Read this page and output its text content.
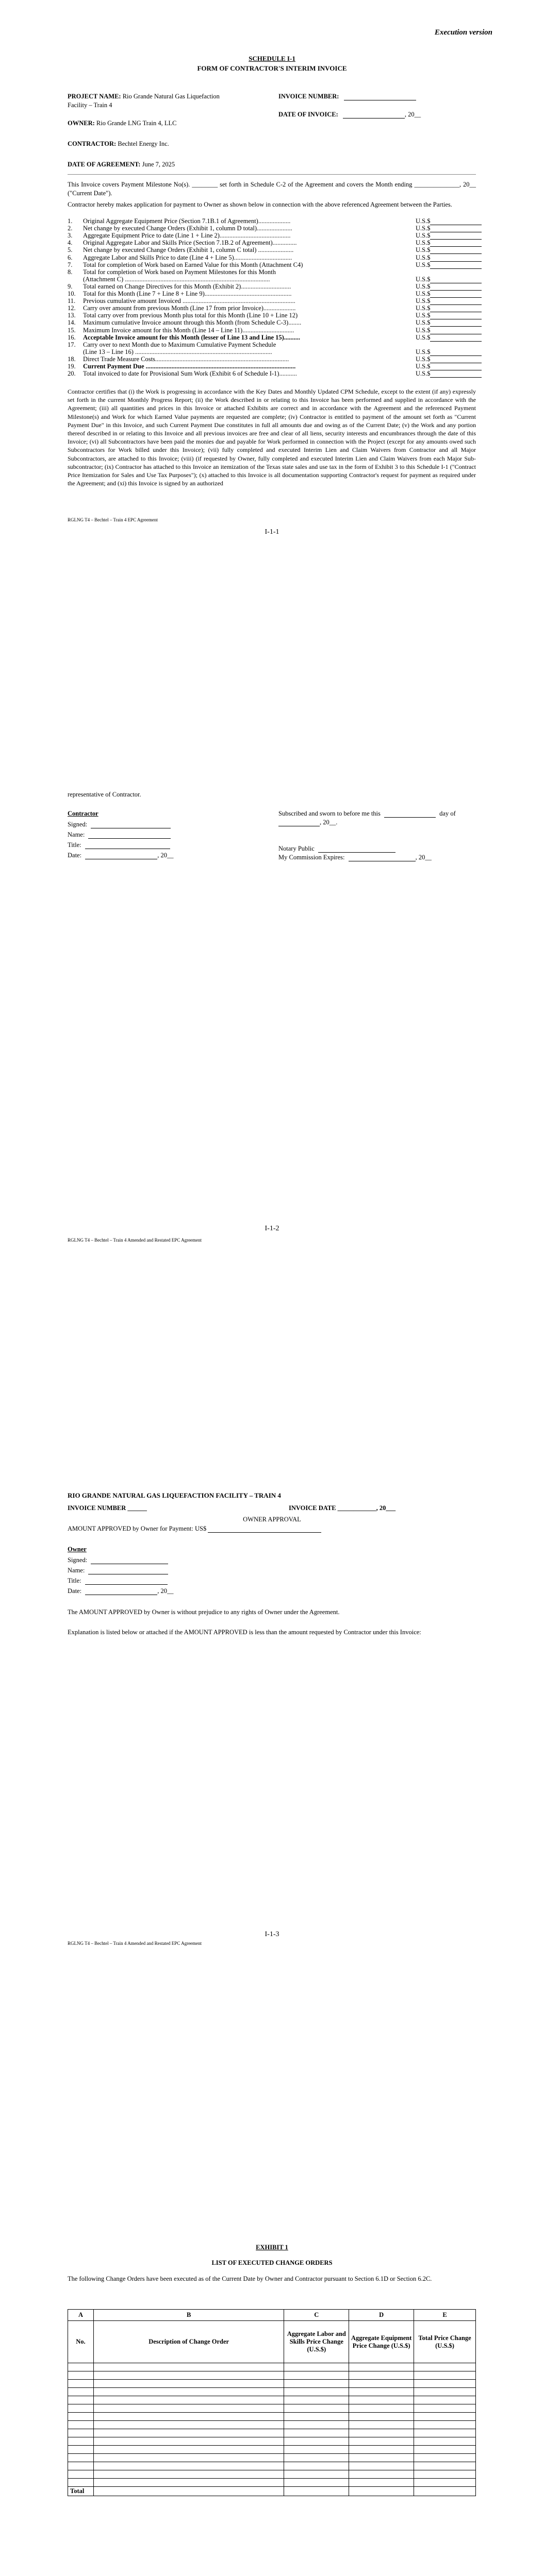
Execution version
SCHEDULE I-1
FORM OF CONTRACTOR'S INTERIM INVOICE
PROJECT NAME: Rio Grande Natural Gas Liquefaction
Facility – Train 4
INVOICE NUMBER:
DATE OF INVOICE:	, 20__
OWNER: Rio Grande LNG Train 4, LLC
CONTRACTOR: Bechtel Energy Inc.
DATE OF AGREEMENT: June 7, 2025
This Invoice covers Payment Milestone No(s). ________ set forth in Schedule C-2 of the Agreement and covers the Month ending ______________, 20__ ("Current Date").
Contractor hereby makes application for payment to Owner as shown below in connection with the above referenced Agreement between the Parties.
1. Original Aggregate Equipment Price (Section 7.1B.1 of Agreement)....................	U.S.$
2. Net change by executed Change Orders (Exhibit 1, column D total)......................	U.S.$
3. Aggregate Equipment Price to date (Line 1 + Line 2)............................................	U.S.$
4. Original Aggregate Labor and Skills Price (Section 7.1B.2 of Agreement)...............	U.S.$
5. Net change by executed Change Orders (Exhibit 1, column C total) ......................	U.S.$
6. Aggregate Labor and Skills Price to date (Line 4 + Line 5)....................................	U.S.$
7. Total for completion of Work based on Earned Value for this Month (Attachment C4)	U.S.$
8. Total for completion of Work based on Payment Milestones for this Month
(Attachment C) ..........................................................................................	U.S.$
9. Total earned on Change Directives for this Month (Exhibit 2)...............................	U.S.$
10. Total for this Month (Line 7 + Line 8 + Line 9)......................................................	U.S.$
11. Previous cumulative amount Invoiced ......................................................................	U.S.$
12. Carry over amount from previous Month (Line 17 from prior Invoice)....................	U.S.$
13. Total carry over from previous Month plus total for this Month (Line 10 + Line 12)	U.S.$
14. Maximum cumulative Invoice amount through this Month (from Schedule C-3)........	U.S.$
15. Maximum Invoice amount for this Month (Line 14 – Line 11)................................	U.S.$
16. Acceptable Invoice amount for this Month (lesser of Line 13 and Line 15)..........	U.S.$
17. Carry over to next Month due to Maximum Cumulative Payment Schedule
(Line 13 – Line 16) .....................................................................................	U.S.$
18. Direct Trade Measure Costs...................................................................................	U.S.$
19. Current Payment Due .............................................................................................	U.S.$
20. Total invoiced to date for Provisional Sum Work (Exhibit 6 of Schedule I-1)...........	U.S.$
Contractor certifies that (i) the Work is progressing in accordance with the Key Dates and Monthly Updated CPM Schedule, except to the extent (if any) expressly set forth in the current Monthly Progress Report; (ii) the Work described in or relating to this Invoice has been performed and supplied in accordance with the Agreement; (iii) all quantities and prices in this Invoice or attached Exhibits are correct and in accordance with the Agreement and the referenced Payment Milestone(s) and Work for which Earned Value payments are requested are complete; (iv) Contractor is entitled to payment of the amount set forth as "Current Payment Due" in this Invoice, and such Current Payment Due constitutes in full all amounts due and owing as of the Current Date; (v) the Work and any portion thereof described in or relating to this Invoice and all previous invoices are free and clear of all liens, security interests and encumbrances through the date of this Invoice; (vi) all Subcontractors have been paid the monies due and payable for Work performed in connection with the Project (except for any amounts owed such Subcontractors for Work billed under this Invoice); (vii) fully completed and executed Interim Lien and Claim Waivers from Contractor and all Major Subcontractors, are attached to this Invoice; (viii) (if requested by Owner, fully completed and executed Interim Lien and Claim Waivers from each Major Sub-subcontractor; (ix) Contractor has attached to this Invoice an itemization of the Texas state sales and use tax in the form of Exhibit 3 to this Schedule I-1 ("Contract Price Itemization for Sales and Use Tax Purposes"); (x) attached to this Invoice is all documentation supporting Contractor's request for payment as required under the Agreement; and (xi) this Invoice is signed by an authorized
RGLNG T4 – Bechtel – Train 4 EPC Agreement
I-1-1
representative of Contractor.
Contractor
Signed:
Name:
Title:
Date:	, 20__
Subscribed and sworn to before me this	day of
, 20__.
Notary Public
My Commission Expires:	, 20__
I-1-2
RGLNG T4 – Bechtel – Train 4 Amended and Restated EPC Agreement
RIO GRANDE NATURAL GAS LIQUEFACTION FACILITY – TRAIN 4
INVOICE NUMBER ______	INVOICE DATE ____________, 20___
OWNER APPROVAL
AMOUNT APPROVED by Owner for Payment: US$
Owner
Signed:
Name:
Title:
Date:	, 20__
The AMOUNT APPROVED by Owner is without prejudice to any rights of Owner under the Agreement.
Explanation is listed below or attached if the AMOUNT APPROVED is less than the amount requested by Contractor under this Invoice:
I-1-3
RGLNG T4 – Bechtel – Train 4 Amended and Restated EPC Agreement
EXHIBIT 1
LIST OF EXECUTED CHANGE ORDERS
The following Change Orders have been executed as of the Current Date by Owner and Contractor pursuant to Section 6.1D or Section 6.2C.
A	B	C	D	E
No.	Description of Change Order	Aggregate Labor and Skills Price Change (U.S.$)	Aggregate Equipment Price Change (U.S.$)	Total Price Change (U.S.$)

Total				
